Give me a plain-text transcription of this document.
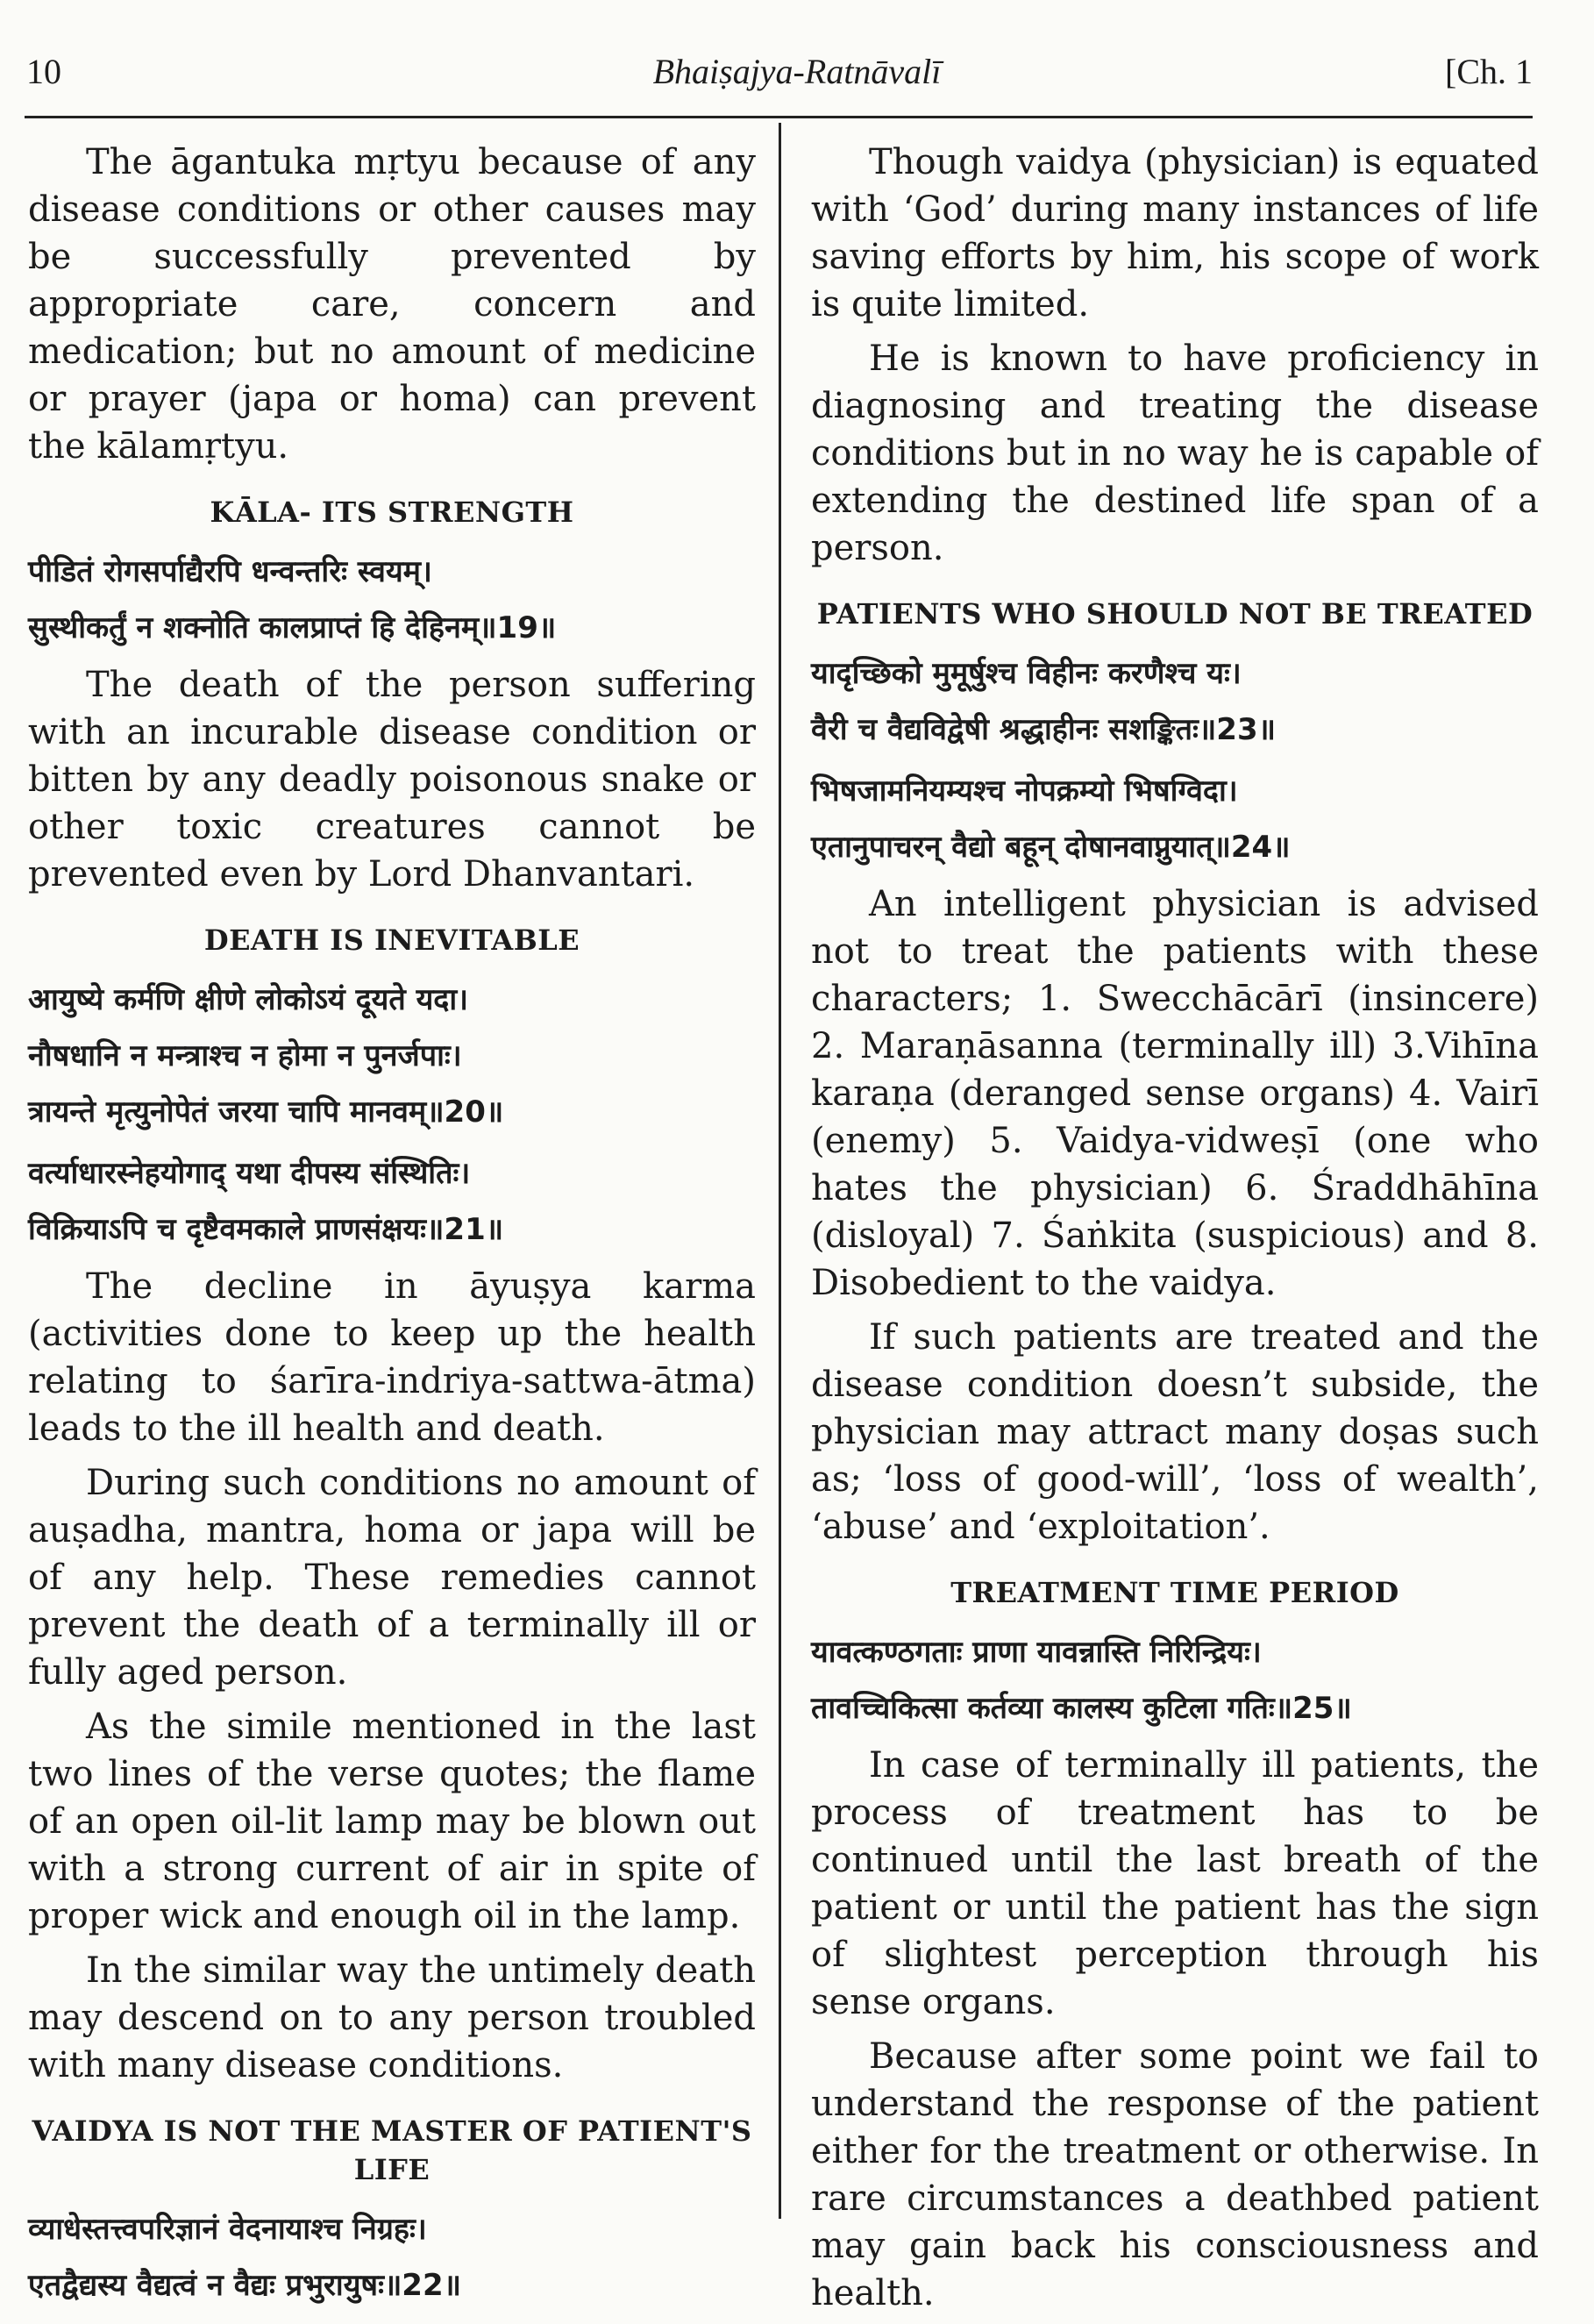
10	Bhaiṣajya-Ratnāvalī	[Ch. 1

The āgantuka mṛtyu because of any disease conditions or other causes may be successfully prevented by appropriate care, concern and medication; but no amount of medicine or prayer (japa or homa) can prevent the kālamṛtyu.

KĀLA- ITS STRENGTH
पीडितं रोगसर्पाद्यैरपि धन्वन्तरिः स्वयम्।
सुस्थीकर्तुं न शक्नोति कालप्राप्तं हि देहिनम्॥19॥

The death of the person suffering with an incurable disease condition or bitten by any deadly poisonous snake or other toxic creatures cannot be prevented even by Lord Dhanvantari.

DEATH IS INEVITABLE
आयुष्ये कर्मणि क्षीणे लोकोऽयं दूयते यदा।
नौषधानि न मन्त्राश्च न होमा न पुनर्जपाः।
त्रायन्ते मृत्युनोपेतं जरया चापि मानवम्॥20॥
वर्त्याधारस्नेहयोगाद् यथा दीपस्य संस्थितिः।
विक्रियाऽपि च दृष्टैवमकाले प्राणसंक्षयः॥21॥

The decline in āyuṣya karma (activities done to keep up the health relating to śarīra-indriya-sattwa-ātma) leads to the ill health and death.

During such conditions no amount of auṣadha, mantra, homa or japa will be of any help. These remedies cannot prevent the death of a terminally ill or fully aged person.

As the simile mentioned in the last two lines of the verse quotes; the flame of an open oil-lit lamp may be blown out with a strong current of air in spite of proper wick and enough oil in the lamp.

In the similar way the untimely death may descend on to any person troubled with many disease conditions.

VAIDYA IS NOT THE MASTER OF PATIENT'S LIFE
व्याधेस्तत्त्वपरिज्ञानं वेदनायाश्च निग्रहः।
एतद्वैद्यस्य वैद्यत्वं न वैद्यः प्रभुरायुषः॥22॥

Though vaidya (physician) is equated with ‘God’ during many instances of life saving efforts by him, his scope of work is quite limited.

He is known to have proficiency in diagnosing and treating the disease conditions but in no way he is capable of extending the destined life span of a person.

PATIENTS WHO SHOULD NOT BE TREATED
यादृच्छिको मुमूर्षुश्च विहीनः करणैश्च यः।
वैरी च वैद्यविद्वेषी श्रद्धाहीनः सशङ्कितः॥23॥
भिषजामनियम्यश्च नोपक्रम्यो भिषग्विदा।
एतानुपाचरन् वैद्यो बहून् दोषानवाप्नुयात्॥24॥

An intelligent physician is advised not to treat the patients with these characters; 1. Swecchācārī (insincere) 2. Maraṇāsanna (terminally ill) 3.Vihīna karaṇa (deranged sense organs) 4. Vairī (enemy) 5. Vaidya-vidweṣī (one who hates the physician) 6. Śraddhāhīna (disloyal) 7. Śaṅkita (suspicious) and 8. Disobedient to the vaidya.

If such patients are treated and the disease condition doesn’t subside, the physician may attract many doṣas such as; ‘loss of good-will’, ‘loss of wealth’, ‘abuse’ and ‘exploitation’.

TREATMENT TIME PERIOD
यावत्कण्ठगताः प्राणा यावन्नास्ति निरिन्द्रियः।
तावच्चिकित्सा कर्तव्या कालस्य कुटिला गतिः॥25॥

In case of terminally ill patients, the process of treatment has to be continued until the last breath of the patient or until the patient has the sign of slightest perception through his sense organs.

Because after some point we fail to understand the response of the patient either for the treatment or otherwise. In rare circumstances a deathbed patient may gain back his consciousness and health.
